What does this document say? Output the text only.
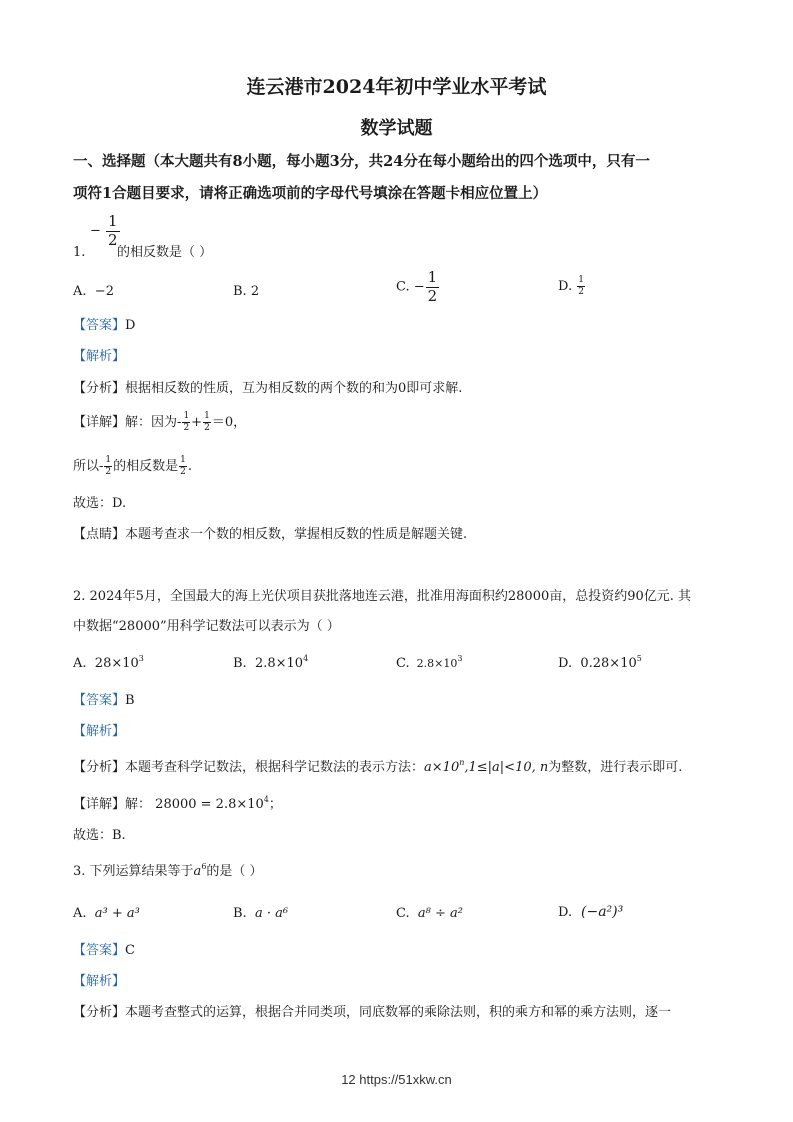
连云港市2024年初中学业水平考试
数学试题
一、选择题（本大题共有8小题，每小题3分，共24分在每小题给出的四个选项中，只有一
项符1合题目要求，请将正确选项前的字母代号填涂在答题卡相应位置上）
− $\frac{1}{2}$
1. 的相反数是（ ）
A. −2	B. 2	C. − $\frac{1}{2}$	D. $\frac{1}{2}$
【答案】D
【解析】
【分析】根据相反数的性质，互为相反数的两个数的和为0即可求解.
【详解】解：因为- $\frac{1}{2} + \frac{1}{2} =0$，
所以- $\frac{1}{2}$ 的相反数是 $\frac{1}{2}$ .
故选：D.
【点睛】本题考查求一个数的相反数，掌握相反数的性质是解题关键.
2. 2024年5月，全国最大的海上光伏项目获批落地连云港，批准用海面积约28000亩，总投资约90亿元. 其
中数据“28000”用科学记数法可以表示为（ ）
A. $28\times 10^3$	B. $2.8\times 10^4$	C. $2.8\times 10^3$	D. $0.28\times 10^5$
【答案】B
【解析】
【分析】本题考查科学记数法，根据科学记数法的表示方法：$a\times 10^n,1\le|a|<10$, n为整数，进行表示即可.
【详解】解： $28000 = 2.8\times 10^4$；
故选：B.
3. 下列运算结果等于$a^6$的是（ ）
A. a³ + a³	B. a · a⁶	C. a⁸ ÷ a²	D. (−a²)³
【答案】C
【解析】
【分析】本题考查整式的运算，根据合并同类项，同底数幂的乘除法则，积的乘方和幂的乘方法则，逐一
12 https://51xkw.cn
